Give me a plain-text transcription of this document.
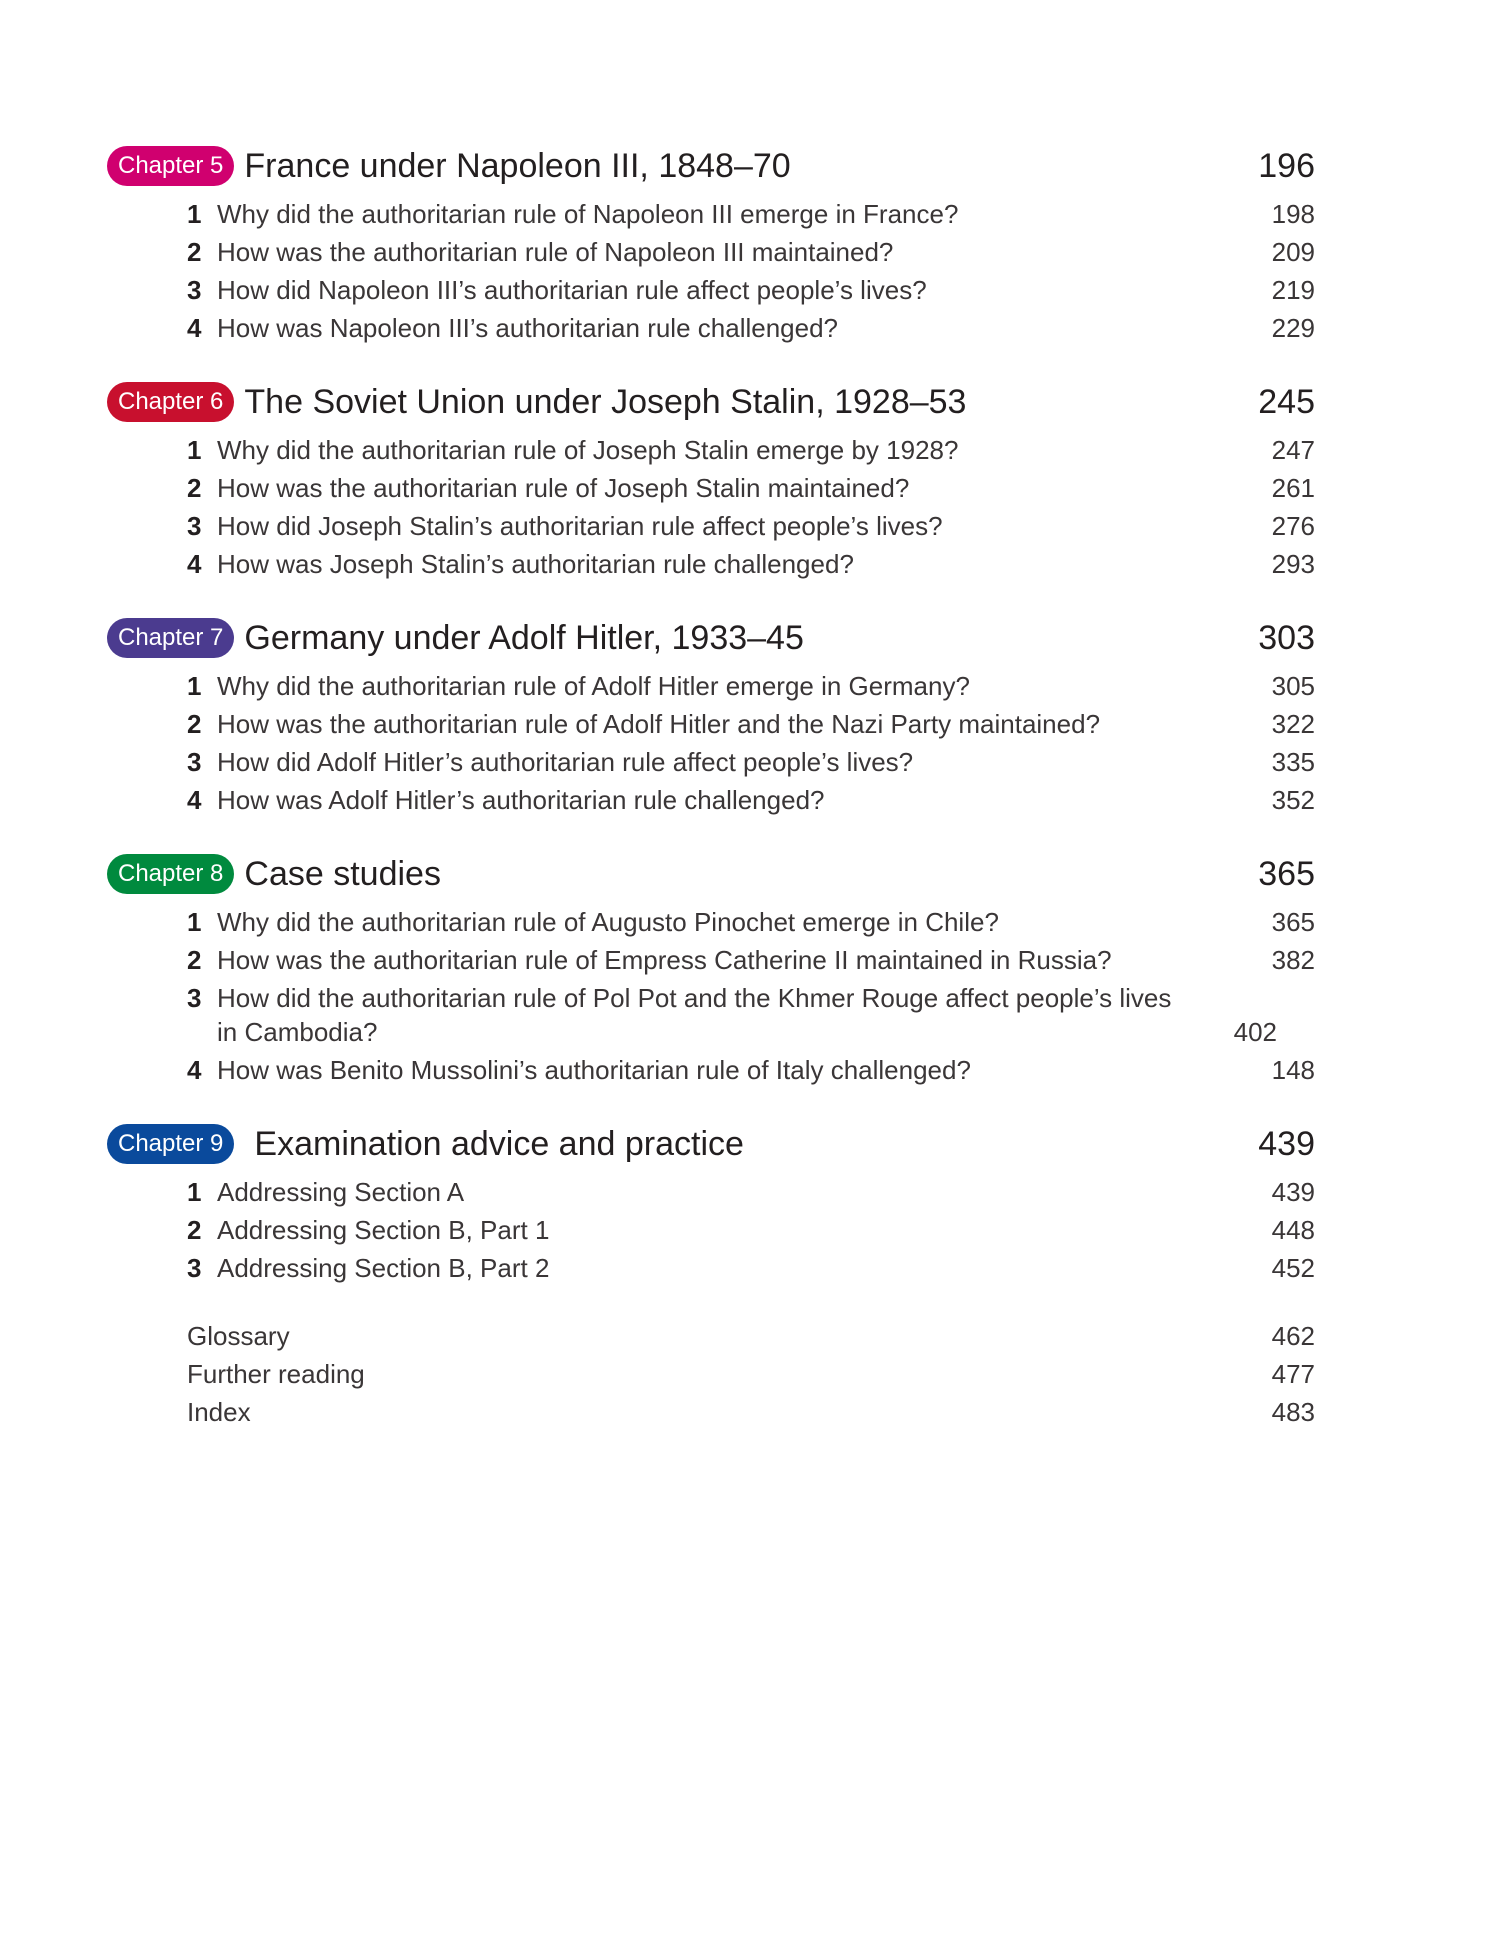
Chapter 5 France under Napoleon III, 1848–70	196
1 Why did the authoritarian rule of Napoleon III emerge in France?	198
2 How was the authoritarian rule of Napoleon III maintained?	209
3 How did Napoleon III’s authoritarian rule affect people’s lives?	219
4 How was Napoleon III’s authoritarian rule challenged?	229
Chapter 6 The Soviet Union under Joseph Stalin, 1928–53	245
1 Why did the authoritarian rule of Joseph Stalin emerge by 1928?	247
2 How was the authoritarian rule of Joseph Stalin maintained?	261
3 How did Joseph Stalin’s authoritarian rule affect people’s lives?	276
4 How was Joseph Stalin’s authoritarian rule challenged?	293
Chapter 7 Germany under Adolf Hitler, 1933–45	303
1 Why did the authoritarian rule of Adolf Hitler emerge in Germany?	305
2 How was the authoritarian rule of Adolf Hitler and the Nazi Party maintained?	322
3 How did Adolf Hitler’s authoritarian rule affect people’s lives?	335
4 How was Adolf Hitler’s authoritarian rule challenged?	352
Chapter 8 Case studies	365
1 Why did the authoritarian rule of Augusto Pinochet emerge in Chile?	365
2 How was the authoritarian rule of Empress Catherine II maintained in Russia?	382
3 How did the authoritarian rule of Pol Pot and the Khmer Rouge affect people’s lives in Cambodia?	402
4 How was Benito Mussolini’s authoritarian rule of Italy challenged?	148
Chapter 9 Examination advice and practice	439
1 Addressing Section A	439
2 Addressing Section B, Part 1	448
3 Addressing Section B, Part 2	452
Glossary	462
Further reading	477
Index	483
